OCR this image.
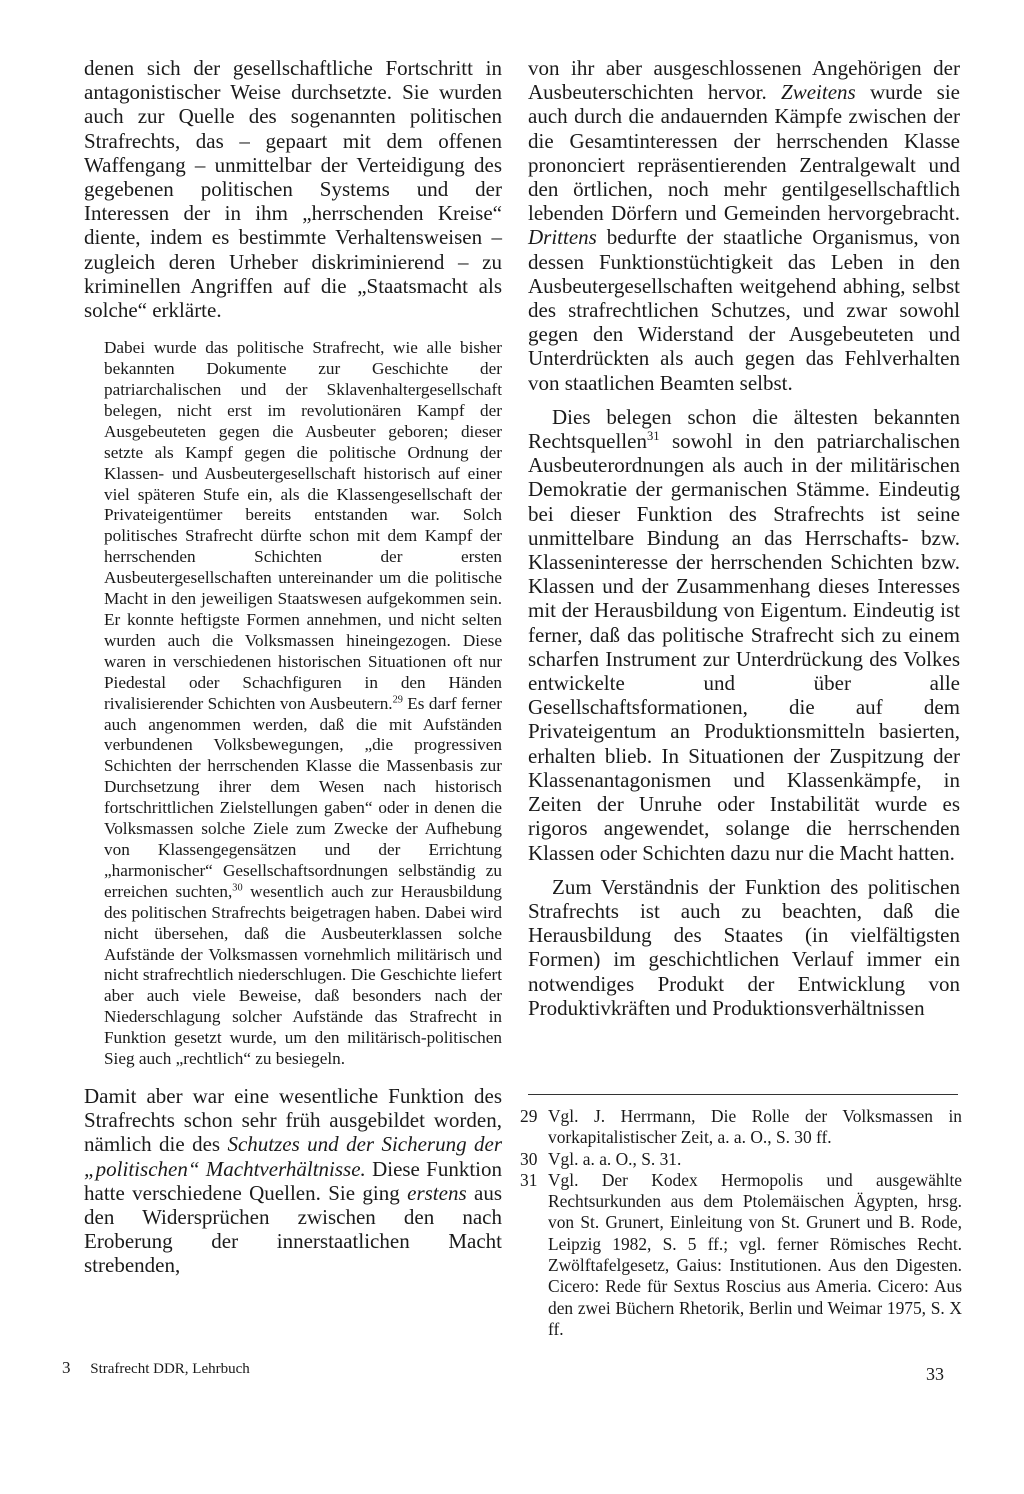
denen sich der gesellschaftliche Fortschritt in antagonistischer Weise durchsetzte. Sie wurden auch zur Quelle des sogenannten politischen Strafrechts, das – gepaart mit dem offenen Waffengang – unmittelbar der Verteidigung des gegebenen politischen Systems und der Interessen der in ihm „herrschenden Kreise“ diente, indem es bestimmte Verhaltensweisen – zugleich deren Urheber diskriminierend – zu kriminellen Angriffen auf die „Staatsmacht als solche“ erklärte.

Dabei wurde das politische Strafrecht, wie alle bisher bekannten Dokumente zur Geschichte der patriarchalischen und der Sklavenhaltergesellschaft belegen, nicht erst im revolutionären Kampf der Ausgebeuteten gegen die Ausbeuter geboren; dieser setzte als Kampf gegen die politische Ordnung der Klassen- und Ausbeutergesellschaft historisch auf einer viel späteren Stufe ein, als die Klassengesellschaft der Privateigentümer bereits entstanden war. Solch politisches Strafrecht dürfte schon mit dem Kampf der herrschenden Schichten der ersten Ausbeutergesellschaften untereinander um die politische Macht in den jeweiligen Staatswesen aufgekommen sein. Er konnte heftigste Formen annehmen, und nicht selten wurden auch die Volksmassen hineingezogen. Diese waren in verschiedenen historischen Situationen oft nur Piedestal oder Schachfiguren in den Händen rivalisierender Schichten von Ausbeutern.$^{29}$ Es darf ferner auch angenommen werden, daß die mit Aufständen verbundenen Volksbewegungen, „die progressiven Schichten der herrschenden Klasse die Massenbasis zur Durchsetzung ihrer dem Wesen nach historisch fortschrittlichen Zielstellungen gaben“ oder in denen die Volksmassen solche Ziele zum Zwecke der Aufhebung von Klassengegensätzen und der Errichtung „harmonischer“ Gesellschaftsordnungen selbständig zu erreichen suchten,$^{30}$ wesentlich auch zur Herausbildung des politischen Strafrechts beigetragen haben. Dabei wird nicht übersehen, daß die Ausbeuterklassen solche Aufstände der Volksmassen vornehmlich militärisch und nicht strafrechtlich niederschlugen. Die Geschichte liefert aber auch viele Beweise, daß besonders nach der Niederschlagung solcher Aufstände das Strafrecht in Funktion gesetzt wurde, um den militärisch-politischen Sieg auch „rechtlich“ zu besiegeln.

Damit aber war eine wesentliche Funktion des Strafrechts schon sehr früh ausgebildet worden, nämlich die des Schutzes und der Sicherung der „politischen“ Machtverhältnisse. Diese Funktion hatte verschiedene Quellen. Sie ging erstens aus den Widersprüchen zwischen den nach Eroberung der innerstaatlichen Macht strebenden,

von ihr aber ausgeschlossenen Angehörigen der Ausbeuterschichten hervor. Zweitens wurde sie auch durch die andauernden Kämpfe zwischen der die Gesamtinteressen der herrschenden Klasse prononciert repräsentierenden Zentralgewalt und den örtlichen, noch mehr gentilgesellschaftlich lebenden Dörfern und Gemeinden hervorgebracht. Drittens bedurfte der staatliche Organismus, von dessen Funktionstüchtigkeit das Leben in den Ausbeutergesellschaften weitgehend abhing, selbst des strafrechtlichen Schutzes, und zwar sowohl gegen den Widerstand der Ausgebeuteten und Unterdrückten als auch gegen das Fehlverhalten von staatlichen Beamten selbst.

Dies belegen schon die ältesten bekannten Rechtsquellen$^{31}$ sowohl in den patriarchalischen Ausbeuterordnungen als auch in der militärischen Demokratie der germanischen Stämme. Eindeutig bei dieser Funktion des Strafrechts ist seine unmittelbare Bindung an das Herrschafts- bzw. Klasseninteresse der herrschenden Schichten bzw. Klassen und der Zusammenhang dieses Interesses mit der Herausbildung von Eigentum. Eindeutig ist ferner, daß das politische Strafrecht sich zu einem scharfen Instrument zur Unterdrückung des Volkes entwickelte und über alle Gesellschaftsformationen, die auf dem Privateigentum an Produktionsmitteln basierten, erhalten blieb. In Situationen der Zuspitzung der Klassenantagonismen und Klassenkämpfe, in Zeiten der Unruhe oder Instabilität wurde es rigoros angewendet, solange die herrschenden Klassen oder Schichten dazu nur die Macht hatten.

Zum Verständnis der Funktion des politischen Strafrechts ist auch zu beachten, daß die Herausbildung des Staates (in vielfältigsten Formen) im geschichtlichen Verlauf immer ein notwendiges Produkt der Entwicklung von Produktivkräften und Produktionsverhältnissen

29 Vgl. J. Herrmann, Die Rolle der Volksmassen in vorkapitalistischer Zeit, a. a. O., S. 30 ff.
30 Vgl. a. a. O., S. 31.
31 Vgl. Der Kodex Hermopolis und ausgewählte Rechtsurkunden aus dem Ptolemäischen Ägypten, hrsg. von St. Grunert, Einleitung von St. Grunert und B. Rode, Leipzig 1982, S. 5 ff.; vgl. ferner Römisches Recht. Zwölftafelgesetz, Gaius: Institutionen. Aus den Digesten. Cicero: Rede für Sextus Roscius aus Ameria. Cicero: Aus den zwei Büchern Rhetorik, Berlin und Weimar 1975, S. X ff.
3 Strafrecht DDR, Lehrbuch	33
